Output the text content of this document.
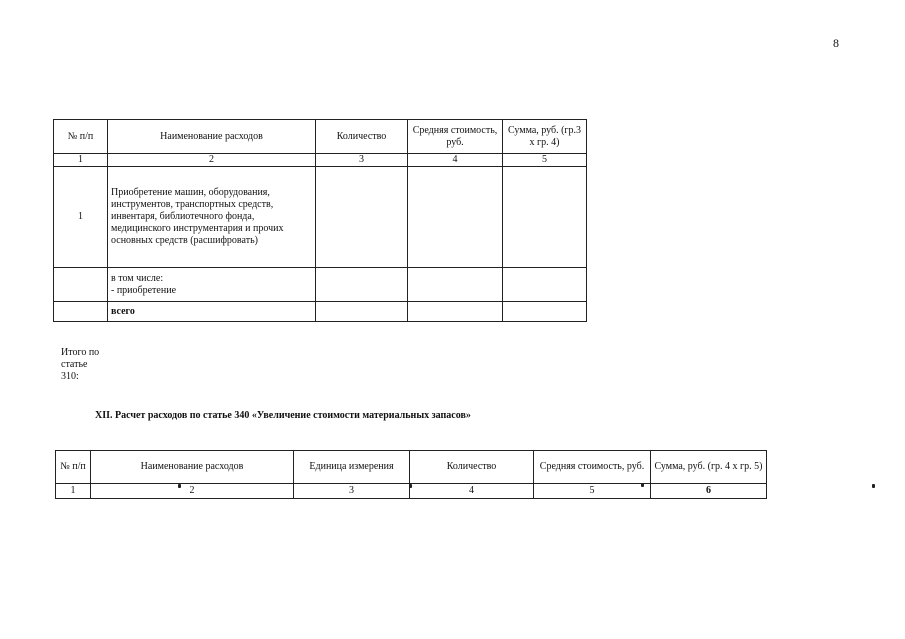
8
№ п/п	Наименование расходов	Количество	Средняя стоимость, руб.	Сумма, руб. (гр.3 х гр. 4)
1	2	3	4	5
1	Приобретение машин, оборудования, инструментов, транспортных средств, инвентаря, библиотечного фонда, медицинского инструментария и прочих основных средств (расшифровать)			
	в том числе:
- приобретение			
	всего			
Итого по
статье
310:
XII. Расчет расходов по статье 340 «Увеличение стоимости материальных запасов»
№ п/п	Наименование расходов	Единица измерения	Количество	Средняя стоимость, руб.	Сумма, руб. (гр. 4 х гр. 5)
1	2	3	4	5	6
